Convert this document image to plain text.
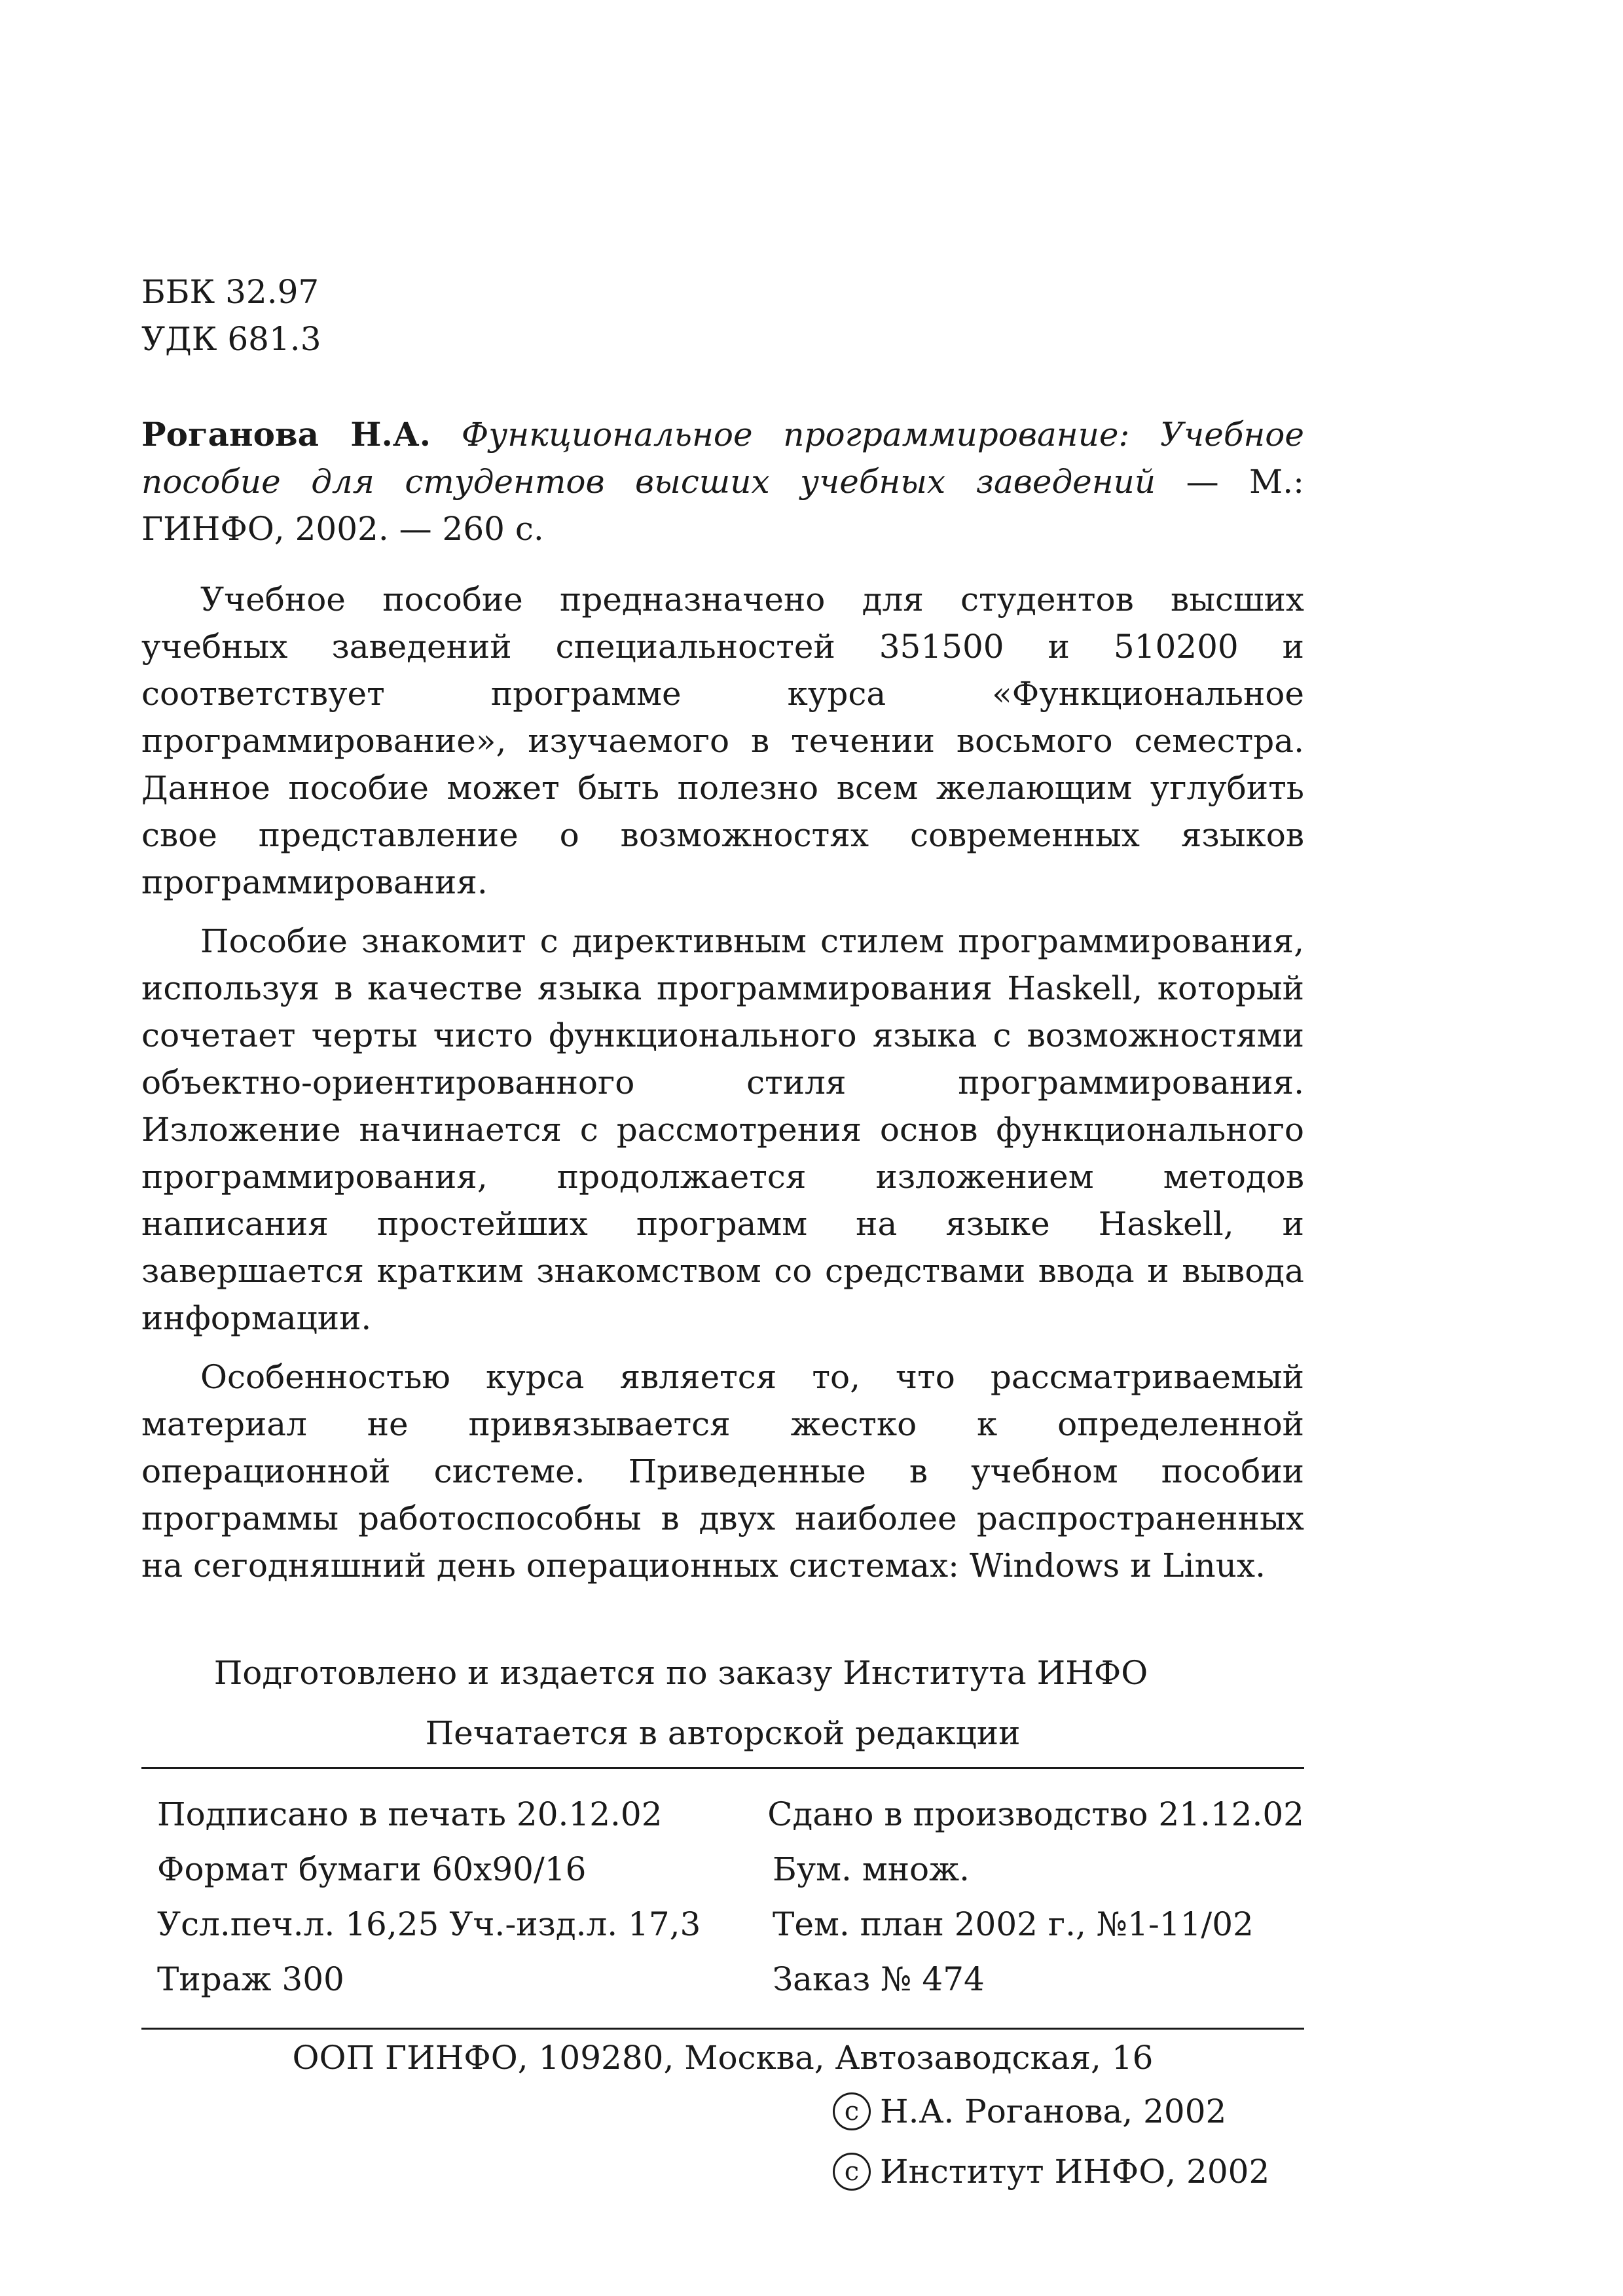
ББК 32.97
УДК 681.3
Роганова Н.А. Функциональное программирование: Учебное пособие для студентов высших учебных заведений — М.: ГИНФО, 2002. — 260 с.

Учебное пособие предназначено для студентов высших учебных заведений специальностей 351500 и 510200 и соответствует программе курса «Функциональное программирование», изучаемого в течении восьмого семестра. Данное пособие может быть полезно всем желающим углубить свое представление о возможностях современных языков программирования.

Пособие знакомит с директивным стилем программирования, используя в качестве языка программирования Haskell, который сочетает черты чисто функционального языка с возможностями объектно-ориентированного стиля программирования. Изложение начинается с рассмотрения основ функционального программирования, продолжается изложением методов написания простейших программ на языке Haskell, и завершается кратким знакомством со средствами ввода и вывода информации.

Особенностью курса является то, что рассматриваемый материал не привязывается жестко к определенной операционной системе. Приведенные в учебном пособии программы работоспособны в двух наиболее распространенных на сегодняшний день операционных системах: Windows и Linux.

Подготовлено и издается по заказу Института ИНФО
Печатается в авторской редакции
Подписано в печать 20.12.02	Сдано в производство 21.12.02
Формат бумаги 60x90/16	Бум. множ.
Усл.печ.л. 16,25 Уч.-изд.л. 17,3	Тем. план 2002 г., №1-11/02
Тираж 300	Заказ № 474
ООП ГИНФО, 109280, Москва, Автозаводская, 16
c Н.А. Роганова, 2002
c Институт ИНФО, 2002
